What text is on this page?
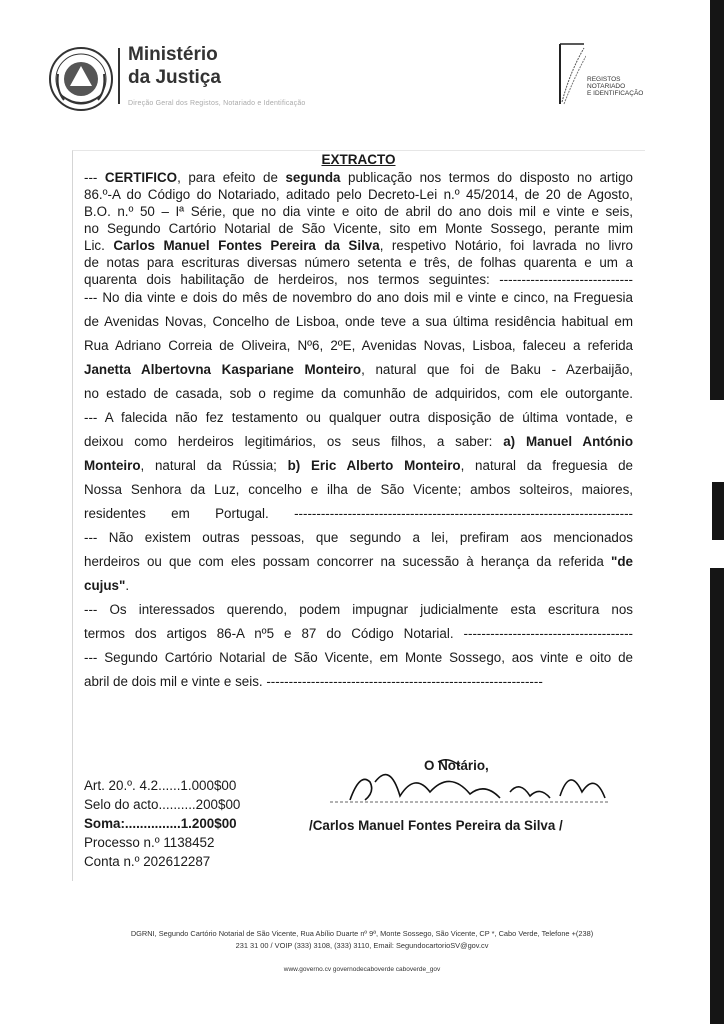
Ministério
da Justiça
Direção Geral dos Registos, Notariado e Identificação
REGISTOS
NOTARIADO
E IDENTIFICAÇÃO
EXTRACTO
--- CERTIFICO, para efeito de segunda publicação nos termos do disposto no artigo
86.º-A do Código do Notariado, aditado pelo Decreto-Lei n.º 45/2014, de 20 de Agosto,
B.O. n.º 50 – Iª Série, que no dia vinte e oito de abril do ano dois mil e vinte e seis,
no Segundo Cartório Notarial de São Vicente, sito em Monte Sossego, perante mim
Lic. Carlos Manuel Fontes Pereira da Silva, respetivo Notário, foi lavrada no livro
de notas para escrituras diversas número setenta e três, de folhas quarenta e um a
quarenta dois habilitação de herdeiros, nos termos seguintes: ------------------------------
--- No dia vinte e dois do mês de novembro do ano dois mil e vinte e cinco, na Freguesia
de Avenidas Novas, Concelho de Lisboa, onde teve a sua última residência habitual em
Rua Adriano Correia de Oliveira, Nº6, 2ºE, Avenidas Novas, Lisboa, faleceu a referida
Janetta Albertovna Kaspariane Monteiro, natural que foi de Baku - Azerbaijão,
no estado de casada, sob o regime da comunhão de adquiridos, com ele outorgante.
--- A falecida não fez testamento ou qualquer outra disposição de última vontade, e
deixou como herdeiros legitimários, os seus filhos, a saber: a) Manuel António
Monteiro, natural da Rússia; b) Eric Alberto Monteiro, natural da freguesia de
Nossa Senhora da Luz, concelho e ilha de São Vicente; ambos solteiros, maiores,
residentes em Portugal. ----------------------------------------------------------------------------
--- Não existem outras pessoas, que segundo a lei, prefiram aos mencionados
herdeiros ou que com eles possam concorrer na sucessão à herança da referida "de
cujus".
--- Os interessados querendo, podem impugnar judicialmente esta escritura nos
termos dos artigos 86-A nº5 e 87 do Código Notarial. --------------------------------------
--- Segundo Cartório Notarial de São Vicente, em Monte Sossego, aos vinte e oito de
abril de dois mil e vinte e seis. --------------------------------------------------------------
Art. 20.º. 4.2......1.000$00
Selo do acto..........200$00
Soma:...............1.200$00
Processo n.º 1138452
Conta n.º 202612287
O Notário,
/Carlos Manuel Fontes Pereira da Silva /
DGRNI, Segundo Cartório Notarial de São Vicente, Rua Abílio Duarte nº 9ª, Monte Sossego, São Vicente, CP *, Cabo Verde, Telefone +(238)
231 31 00 / VOIP (333) 3108, (333) 3110, Email: SegundocartorioSV@gov.cv
www.governo.cv governodecaboverde caboverde_gov
